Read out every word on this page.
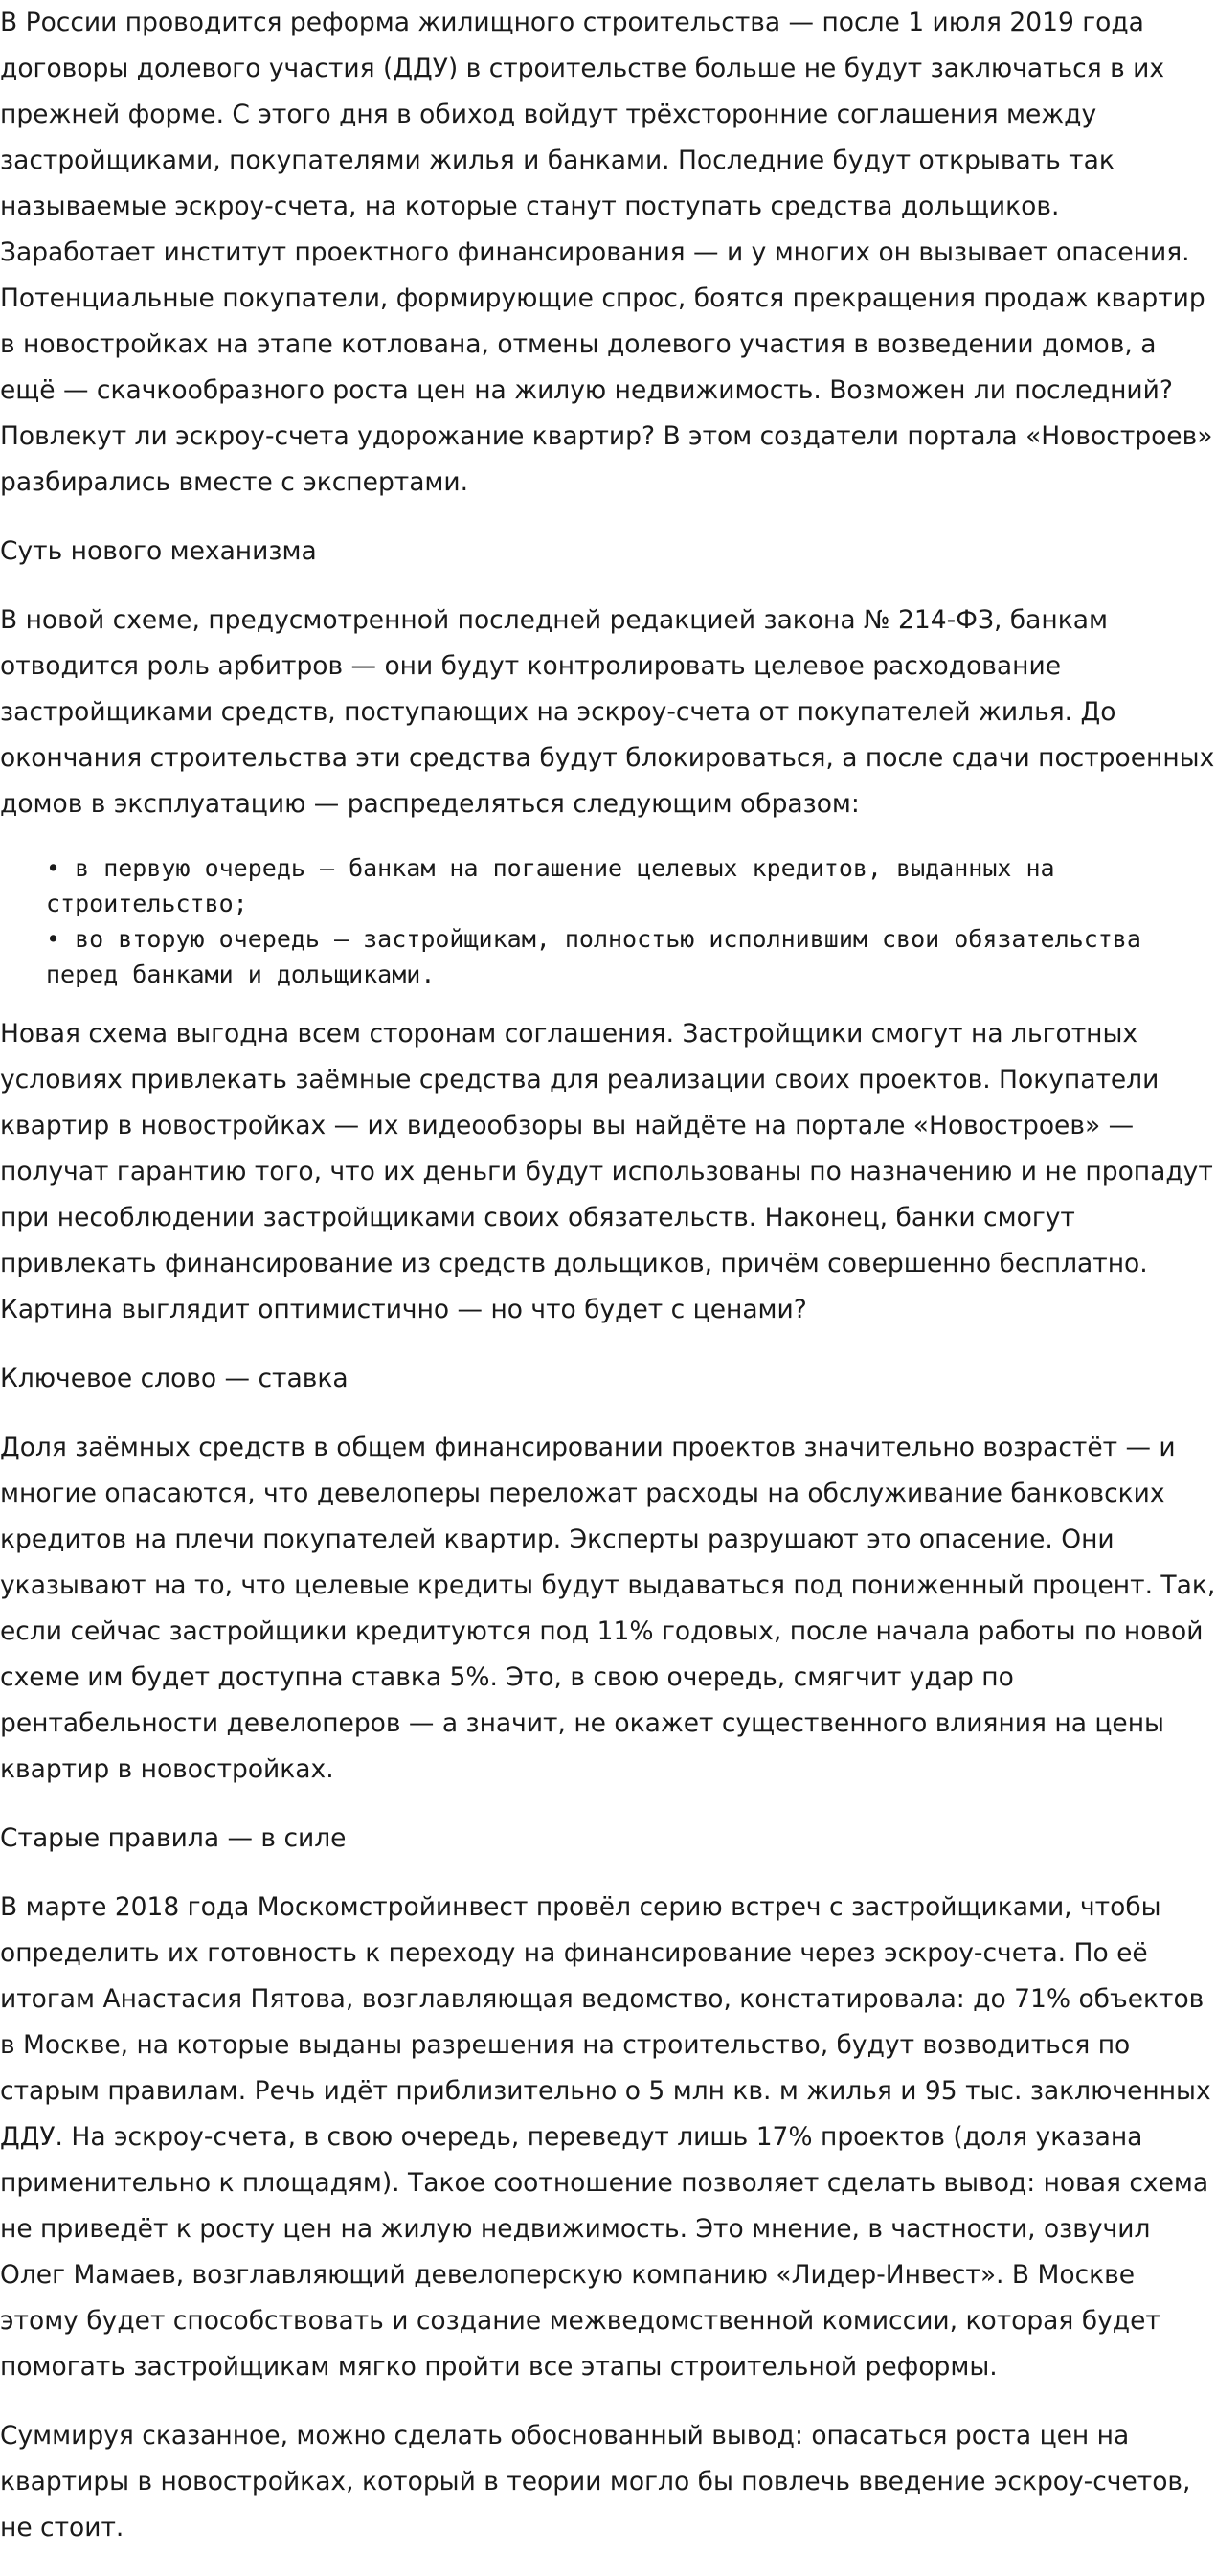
В России проводится реформа жилищного строительства — после 1 июля 2019 года договоры долевого участия (ДДУ) в строительстве больше не будут заключаться в их прежней форме. С этого дня в обиход войдут трёхсторонние соглашения между застройщиками, покупателями жилья и банками. Последние будут открывать так называемые эскроу-счета, на которые станут поступать средства дольщиков. Заработает институт проектного финансирования — и у многих он вызывает опасения. Потенциальные покупатели, формирующие спрос, боятся прекращения продаж квартир в новостройках на этапе котлована, отмены долевого участия в возведении домов, а ещё — скачкообразного роста цен на жилую недвижимость. Возможен ли последний? Повлекут ли эскроу-счета удорожание квартир? В этом создатели портала «Новостроев» разбирались вместе с экспертами.

Суть нового механизма

В новой схеме, предусмотренной последней редакцией закона № 214-ФЗ, банкам отводится роль арбитров — они будут контролировать целевое расходование застройщиками средств, поступающих на эскроу-счета от покупателей жилья. До окончания строительства эти средства будут блокироваться, а после сдачи построенных домов в эксплуатацию — распределяться следующим образом:

• в первую очередь — банкам на погашение целевых кредитов, выданных на строительство;
• во вторую очередь — застройщикам, полностью исполнившим свои обязательства перед банками и дольщиками.

Новая схема выгодна всем сторонам соглашения. Застройщики смогут на льготных условиях привлекать заёмные средства для реализации своих проектов. Покупатели квартир в новостройках — их видеообзоры вы найдёте на портале «Новостроев» — получат гарантию того, что их деньги будут использованы по назначению и не пропадут при несоблюдении застройщиками своих обязательств. Наконец, банки смогут привлекать финансирование из средств дольщиков, причём совершенно бесплатно. Картина выглядит оптимистично — но что будет с ценами?

Ключевое слово — ставка

Доля заёмных средств в общем финансировании проектов значительно возрастёт — и многие опасаются, что девелоперы переложат расходы на обслуживание банковских кредитов на плечи покупателей квартир. Эксперты разрушают это опасение. Они указывают на то, что целевые кредиты будут выдаваться под пониженный процент. Так, если сейчас застройщики кредитуются под 11% годовых, после начала работы по новой схеме им будет доступна ставка 5%. Это, в свою очередь, смягчит удар по рентабельности девелоперов — а значит, не окажет существенного влияния на цены квартир в новостройках.

Старые правила — в силе

В марте 2018 года Москомстройинвест провёл серию встреч с застройщиками, чтобы определить их готовность к переходу на финансирование через эскроу-счета. По её итогам Анастасия Пятова, возглавляющая ведомство, констатировала: до 71% объектов в Москве, на которые выданы разрешения на строительство, будут возводиться по старым правилам. Речь идёт приблизительно о 5 млн кв. м жилья и 95 тыс. заключенных ДДУ. На эскроу-счета, в свою очередь, переведут лишь 17% проектов (доля указана применительно к площадям). Такое соотношение позволяет сделать вывод: новая схема не приведёт к росту цен на жилую недвижимость. Это мнение, в частности, озвучил Олег Мамаев, возглавляющий девелоперскую компанию «Лидер-Инвест». В Москве этому будет способствовать и создание межведомственной комиссии, которая будет помогать застройщикам мягко пройти все этапы строительной реформы.

Суммируя сказанное, можно сделать обоснованный вывод: опасаться роста цен на квартиры в новостройках, который в теории могло бы повлечь введение эскроу-счетов, не стоит.
